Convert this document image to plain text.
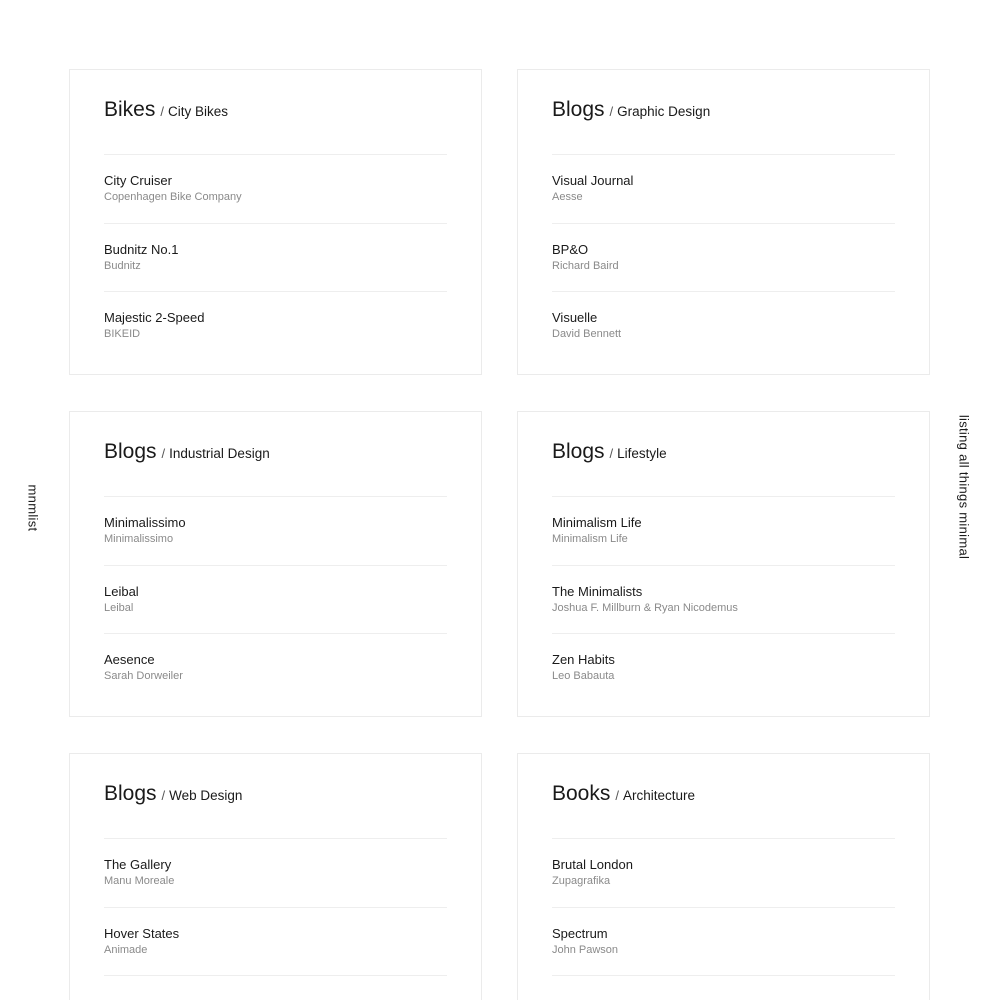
mnmlist	listing all things minimal
Bikes / City Bikes
City Cruiser
Copenhagen Bike Company
Budnitz No.1
Budnitz
Majestic 2-Speed
BIKEID
Blogs / Graphic Design
Visual Journal
Aesse
BP&O
Richard Baird
Visuelle
David Bennett
Blogs / Industrial Design
Minimalissimo
Minimalissimo
Leibal
Leibal
Aesence
Sarah Dorweiler
Blogs / Lifestyle
Minimalism Life
Minimalism Life
The Minimalists
Joshua F. Millburn & Ryan Nicodemus
Zen Habits
Leo Babauta
Blogs / Web Design
The Gallery
Manu Moreale
Hover States
Animade
Books / Architecture
Brutal London
Zupagrafika
Spectrum
John Pawson
